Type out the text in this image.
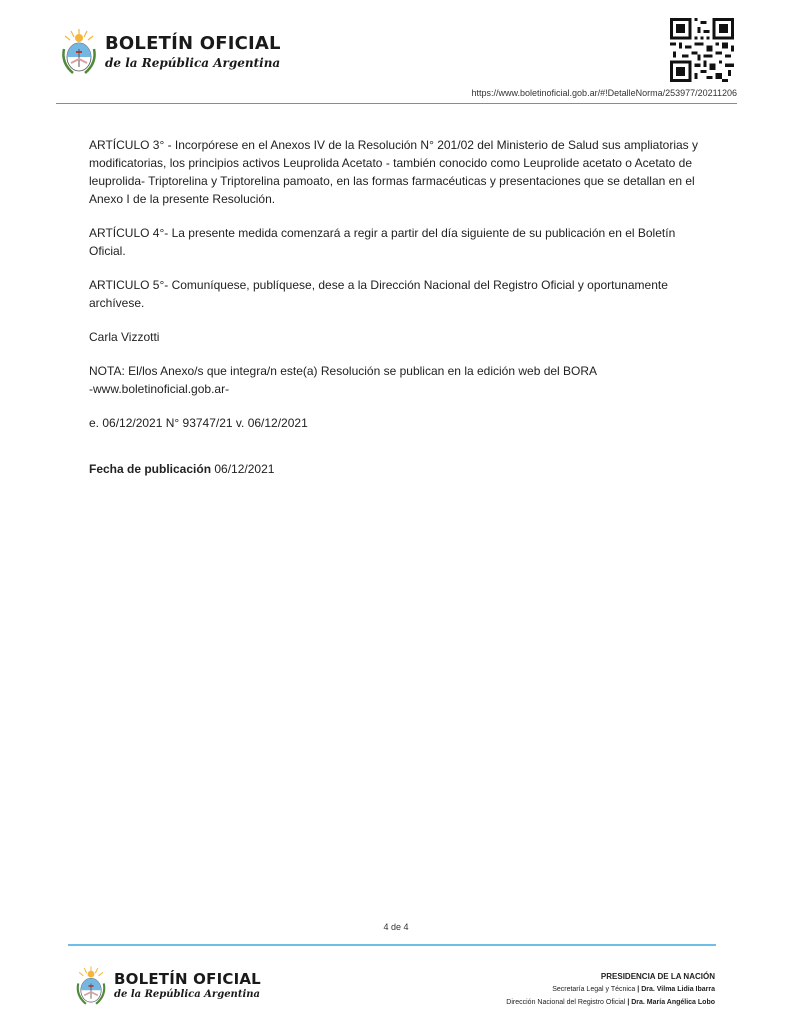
BOLETÍN OFICIAL
de la República Argentina
https://www.boletinoficial.gob.ar/#!DetalleNorma/253977/20211206

ARTÍCULO 3° - Incorpórese en el Anexos IV de la Resolución N° 201/02 del Ministerio de Salud sus ampliatorias y modificatorias, los principios activos Leuprolida Acetato - también conocido como Leuprolide acetato o Acetato de leuprolida- Triptorelina y Triptorelina pamoato, en las formas farmacéuticas y presentaciones que se detallan en el Anexo I de la presente Resolución.

ARTÍCULO 4°- La presente medida comenzará a regir a partir del día siguiente de su publicación en el Boletín Oficial.

ARTICULO 5°- Comuníquese, publíquese, dese a la Dirección Nacional del Registro Oficial y oportunamente archívese.

Carla Vizzotti

NOTA: El/los Anexo/s que integra/n este(a) Resolución se publican en la edición web del BORA
-www.boletinoficial.gob.ar-

e. 06/12/2021 N° 93747/21 v. 06/12/2021

Fecha de publicación 06/12/2021

4 de 4
BOLETÍN OFICIAL
de la República Argentina
PRESIDENCIA DE LA NACIÓN
Secretaría Legal y Técnica | Dra. Vilma Lidia Ibarra
Dirección Nacional del Registro Oficial | Dra. María Angélica Lobo
